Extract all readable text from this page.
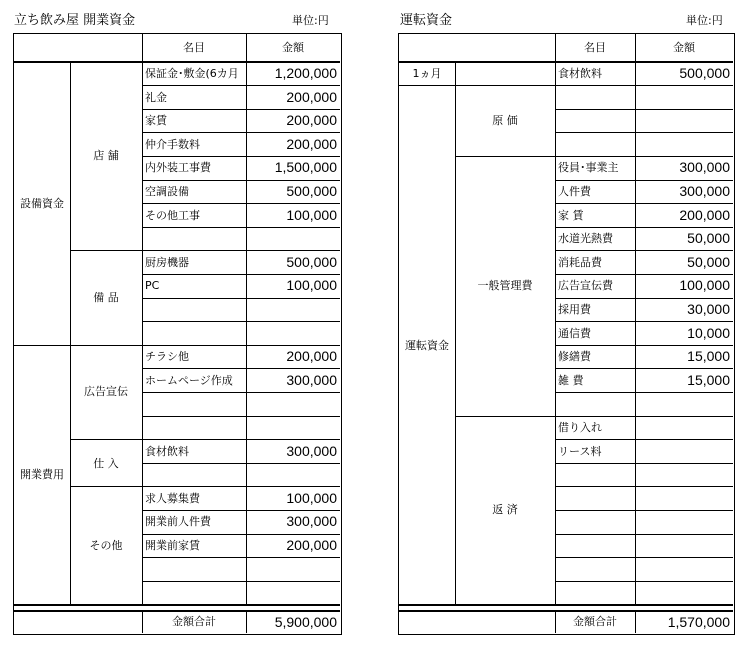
立ち飲み屋 開業資金	単位:円	運転資金	単位:円
名目	金額
設備資金
店 舗
保証金･敷金(6カ月	1,200,000
礼金	200,000
家賃	200,000
仲介手数料	200,000
内外装工事費	1,500,000
空調設備	500,000
その他工事	100,000
備 品
厨房機器	500,000
PC	100,000
開業費用
広告宣伝
チラシ他	200,000
ホームページ作成	300,000
仕 入
食材飲料	300,000
その他
求人募集費	100,000
開業前人件費	300,000
開業前家賃	200,000
金額合計	5,900,000
名目	金額
1ヵ月	食材飲料	500,000
運転資金
原 価
一般管理費
役員･事業主	300,000
人件費	300,000
家 賃	200,000
水道光熱費	50,000
消耗品費	50,000
広告宣伝費	100,000
採用費	30,000
通信費	10,000
修繕費	15,000
雑 費	15,000
返 済
借り入れ
リース料
金額合計	1,570,000
